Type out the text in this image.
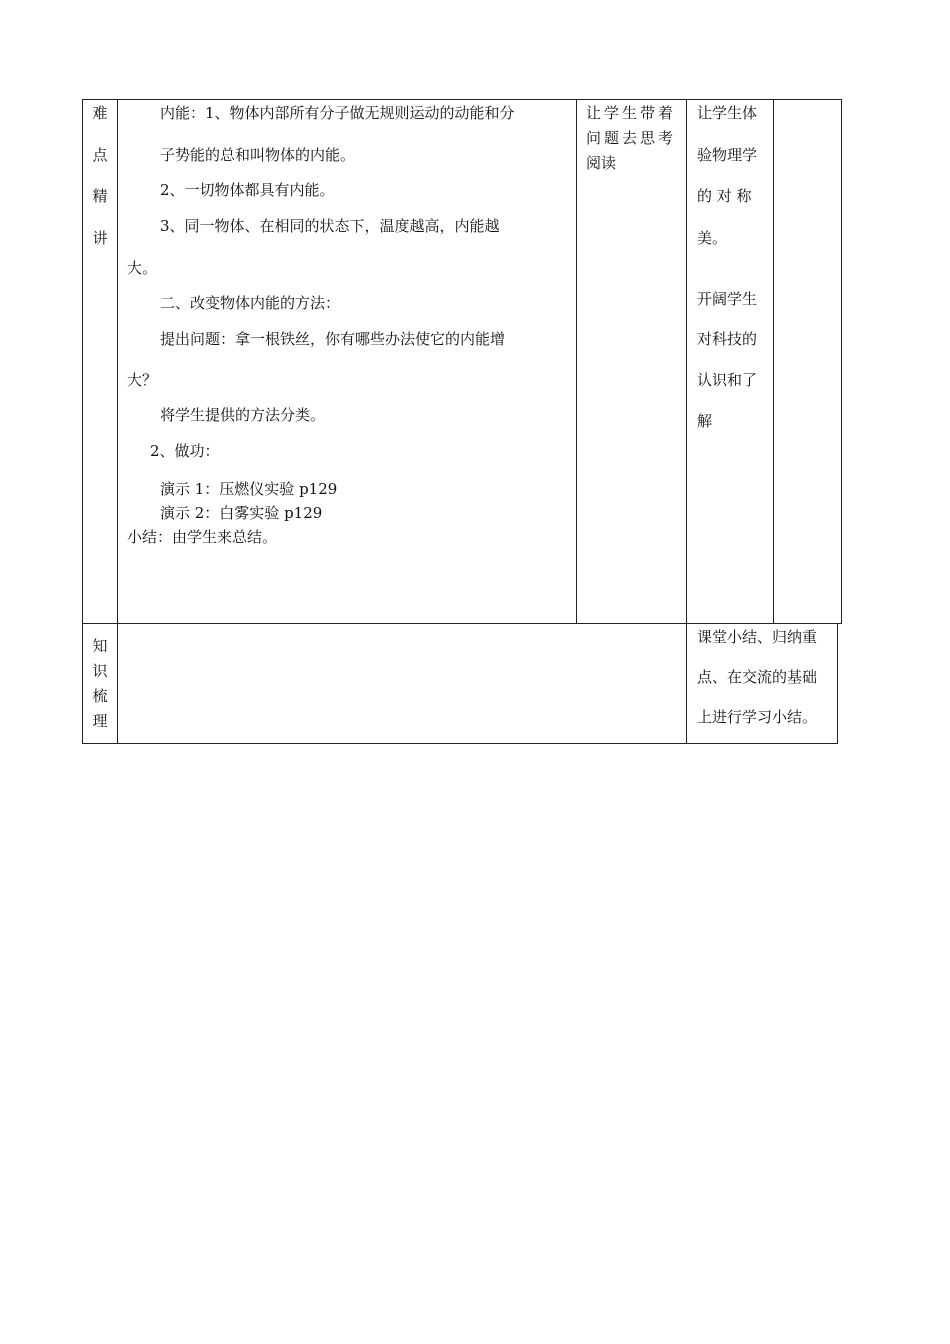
难
点
精
讲
内能：1、物体内部所有分子做无规则运动的动能和分
子势能的总和叫物体的内能。
2、一切物体都具有内能。
3、同一物体、在相同的状态下，温度越高，内能越
大。
二、改变物体内能的方法：
提出问题：拿一根铁丝，你有哪些办法使它的内能增
大？
将学生提供的方法分类。
2、做功：
演示 1：压燃仪实验 p129
演示 2：白雾实验 p129
小结：由学生来总结。
让学生带着
问题去思考
阅读
让学生体
验物理学
的 对 称
美。
开阔学生
对科技的
认识和了
解
知
识
梳
理
课堂小结、归纳重
点、在交流的基础
上进行学习小结。
